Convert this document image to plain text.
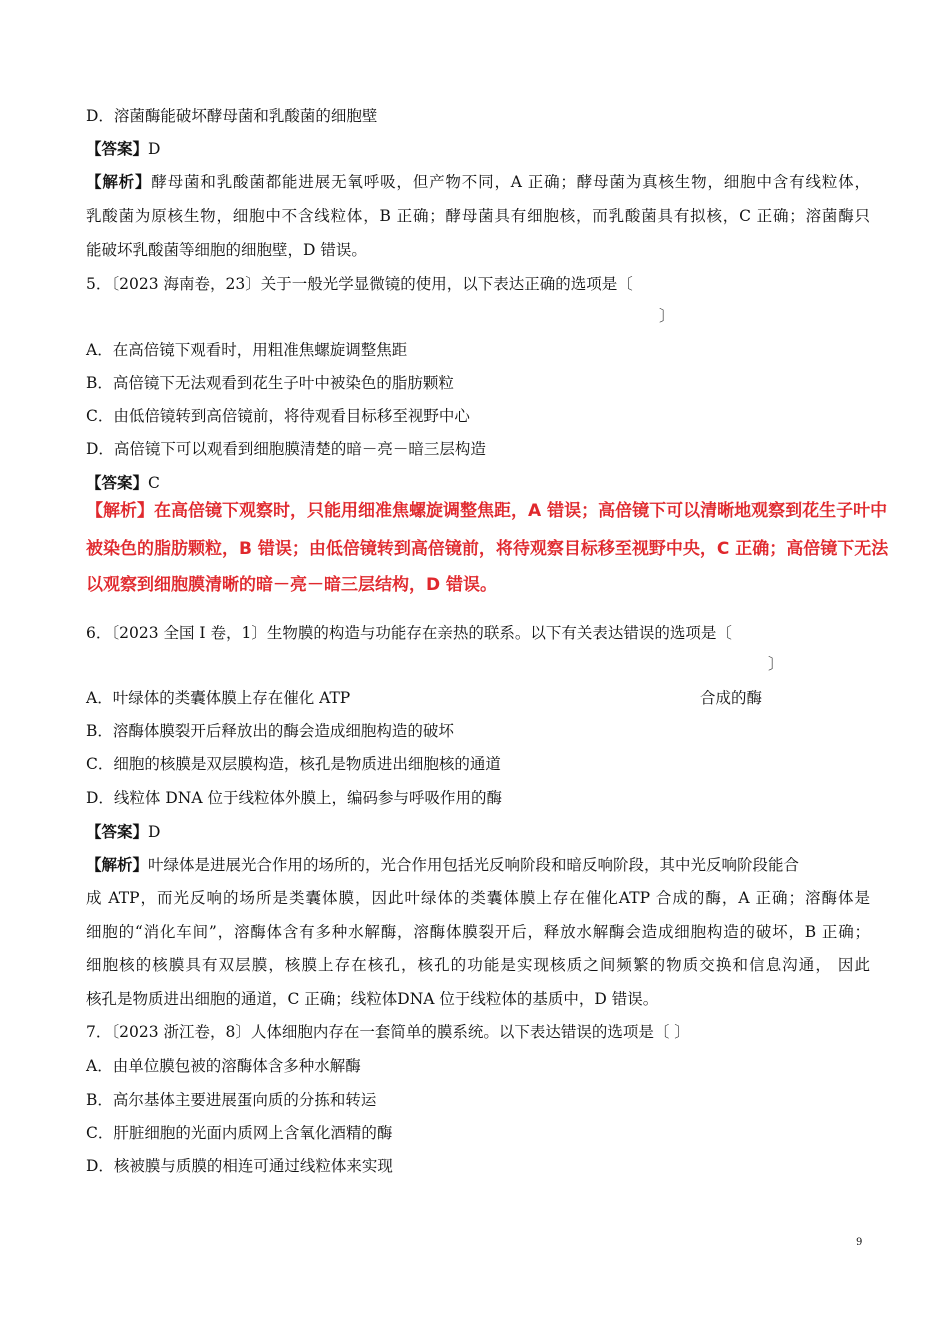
D．溶菌酶能破坏酵母菌和乳酸菌的细胞壁
【答案】D
【解析】酵母菌和乳酸菌都能进展无氧呼吸，但产物不同，A 正确；酵母菌为真核生物，细胞中含有线粒体，
乳酸菌为原核生物，细胞中不含线粒体，B 正确；酵母菌具有细胞核，而乳酸菌具有拟核，C 正确；溶菌酶只
能破坏乳酸菌等细胞的细胞壁，D 错误。
5．〔2023 海南卷，23〕关于一般光学显微镜的使用，以下表达正确的选项是〔
〕
A．在高倍镜下观看时，用粗准焦螺旋调整焦距
B．高倍镜下无法观看到花生子叶中被染色的脂肪颗粒
C．由低倍镜转到高倍镜前，将待观看目标移至视野中心
D．高倍镜下可以观看到细胞膜清楚的暗－亮－暗三层构造
【答案】C
【解析】在高倍镜下观察时，只能用细准焦螺旋调整焦距，A 错误；高倍镜下可以清晰地观察到花生子叶中
被染色的脂肪颗粒，B 错误；由低倍镜转到高倍镜前，将待观察目标移至视野中央，C 正确；高倍镜下无法
以观察到细胞膜清晰的暗－亮－暗三层结构，D 错误。
6．〔2023 全国 I 卷，1〕生物膜的构造与功能存在亲热的联系。以下有关表达错误的选项是〔
〕
A．叶绿体的类囊体膜上存在催化 ATP	合成的酶
B．溶酶体膜裂开后释放出的酶会造成细胞构造的破坏
C．细胞的核膜是双层膜构造，核孔是物质进出细胞核的通道
D．线粒体 DNA 位于线粒体外膜上，编码参与呼吸作用的酶
【答案】D
【解析】叶绿体是进展光合作用的场所的，光合作用包括光反响阶段和暗反响阶段，其中光反响阶段能合
成 ATP，而光反响的场所是类囊体膜，因此叶绿体的类囊体膜上存在催化ATP 合成的酶，A 正确；溶酶体是
细胞的“消化车间”，溶酶体含有多种水解酶，溶酶体膜裂开后，释放水解酶会造成细胞构造的破坏，B 正确；
细胞核的核膜具有双层膜，核膜上存在核孔，核孔的功能是实现核质之间频繁的物质交换和信息沟通， 因此
核孔是物质进出细胞的通道，C 正确；线粒体DNA 位于线粒体的基质中，D 错误。
7．〔2023 浙江卷，8〕人体细胞内存在一套简单的膜系统。以下表达错误的选项是〔 〕
A．由单位膜包被的溶酶体含多种水解酶
B．高尔基体主要进展蛋向质的分拣和转运
C．肝脏细胞的光面内质网上含氧化酒精的酶
D．核被膜与质膜的相连可通过线粒体来实现
9
